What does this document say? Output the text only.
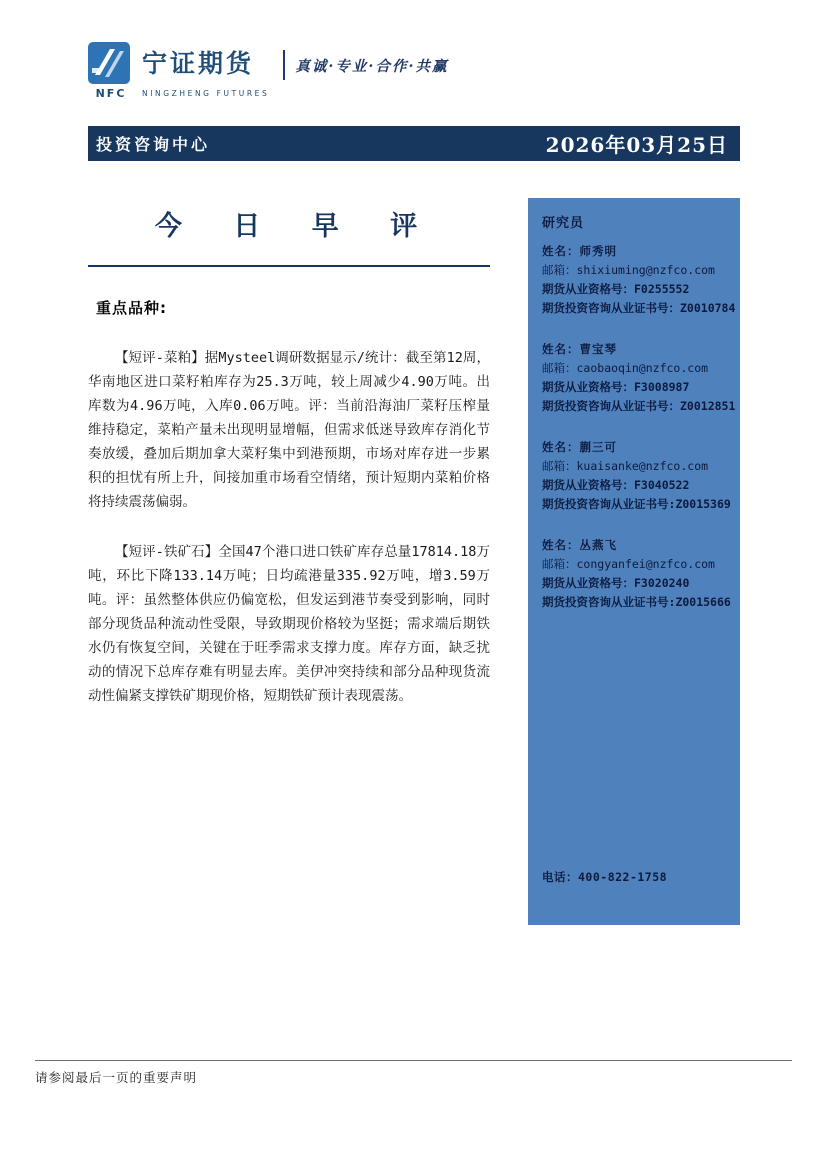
宁证期货
NFC	NINGZHENG FUTURES
真诚·专业·合作·共赢
投资咨询中心	2026年03月25日
今 日 早 评
重点品种:

【短评-菜粕】据Mysteel调研数据显示/统计：截至第12周，华南地区进口菜籽粕库存为25.3万吨，较上周减少4.90万吨。出库数为4.96万吨，入库0.06万吨。评：当前沿海油厂菜籽压榨量维持稳定，菜粕产量未出现明显增幅，但需求低迷导致库存消化节奏放缓，叠加后期加拿大菜籽集中到港预期，市场对库存进一步累积的担忧有所上升，间接加重市场看空情绪，预计短期内菜粕价格将持续震荡偏弱。

【短评-铁矿石】全国47个港口进口铁矿库存总量17814.18万吨，环比下降133.14万吨；日均疏港量335.92万吨，增3.59万吨。评：虽然整体供应仍偏宽松，但发运到港节奏受到影响，同时部分现货品种流动性受限，导致期现价格较为坚挺；需求端后期铁水仍有恢复空间，关键在于旺季需求支撑力度。库存方面，缺乏扰动的情况下总库存难有明显去库。美伊冲突持续和部分品种现货流动性偏紧支撑铁矿期现价格，短期铁矿预计表现震荡。

研究员
姓名：师秀明
邮箱：shixiuming@nzfco.com
期货从业资格号：F0255552
期货投资咨询从业证书号：Z0010784
姓名：曹宝琴
邮箱：caobaoqin@nzfco.com
期货从业资格号：F3008987
期货投资咨询从业证书号：Z0012851
姓名：蒯三可
邮箱：kuaisanke@nzfco.com
期货从业资格号：F3040522
期货投资咨询从业证书号:Z0015369
姓名：丛燕飞
邮箱：congyanfei@nzfco.com
期货从业资格号：F3020240
期货投资咨询从业证书号:Z0015666
电话：400-822-1758
请参阅最后一页的重要声明
